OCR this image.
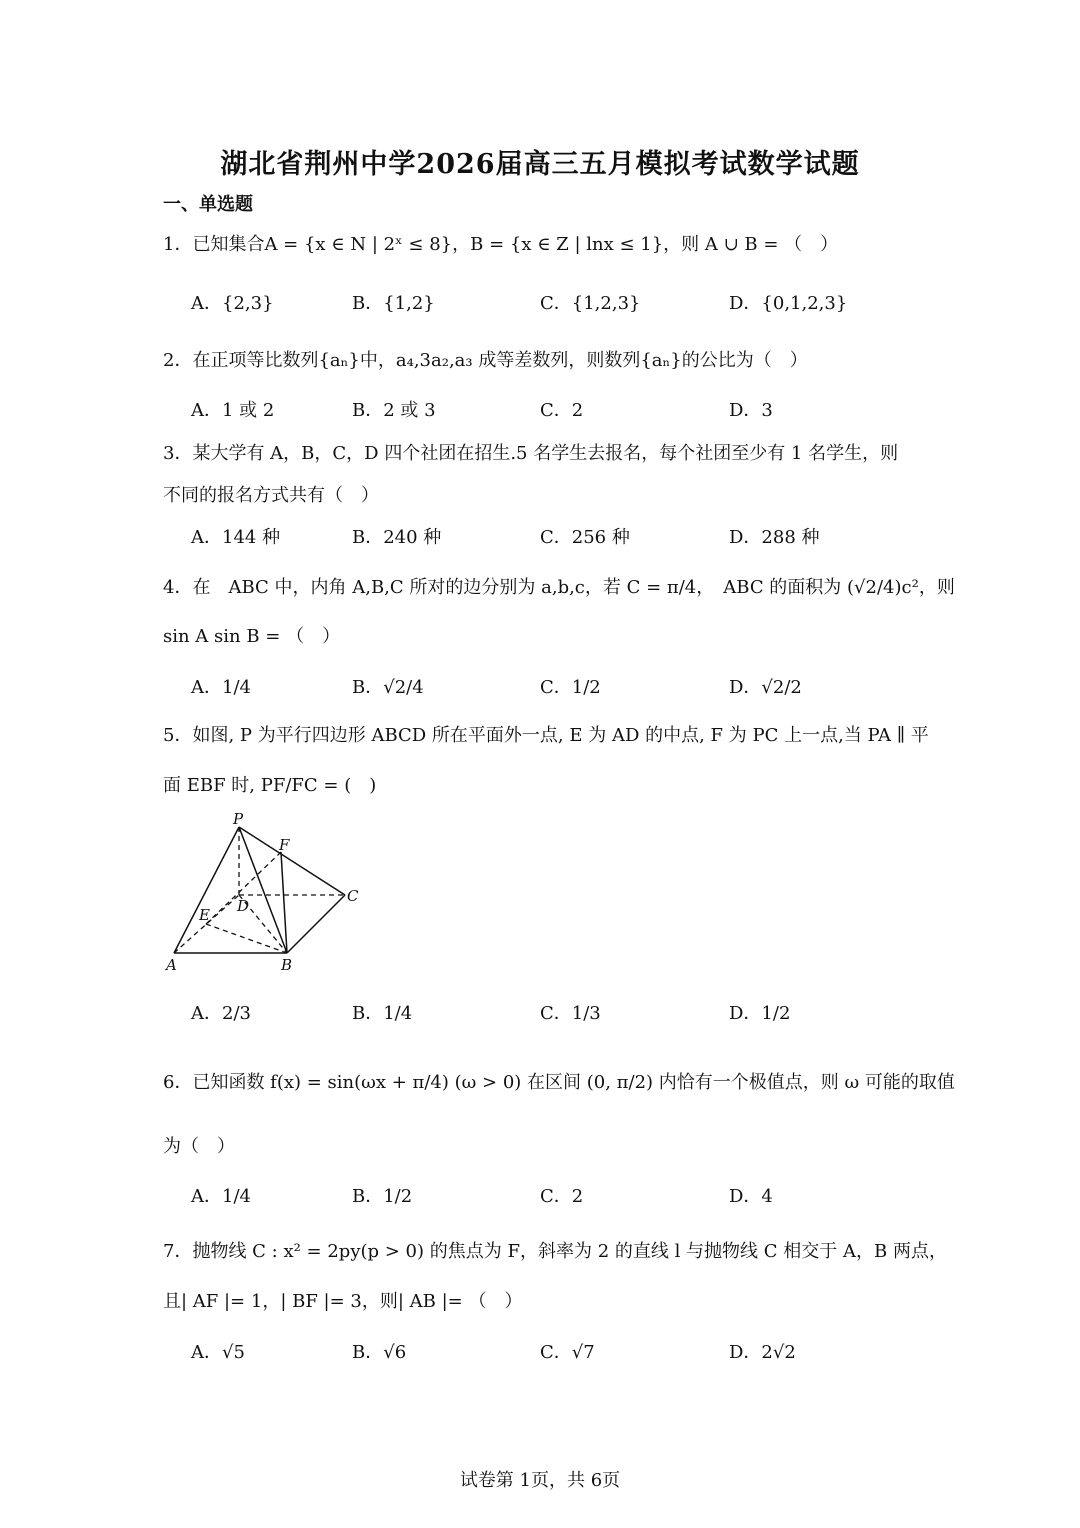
湖北省荆州中学2026届高三五月模拟考试数学试题
一、单选题
1．已知集合A = {x ∈ N | 2ˣ ≤ 8}，B = {x ∈ Z | lnx ≤ 1}，则 A ∪ B = （　）
A．{2,3}	B．{1,2}	C．{1,2,3}	D．{0,1,2,3}
2．在正项等比数列{aₙ}中，a₄,3a₂,a₃ 成等差数列，则数列{aₙ}的公比为（　）
A．1 或 2	B．2 或 3	C．2	D．3
3．某大学有 A，B，C，D 四个社团在招生.5 名学生去报名，每个社团至少有 1 名学生，则
不同的报名方式共有（　）
A．144 种	B．240 种	C．256 种	D．288 种
4．在　ABC 中，内角 A,B,C 所对的边分别为 a,b,c，若 C = π/4，　ABC 的面积为 (√2/4)c²，则
sin A sin B = （　）
A．1/4	B．√2/4	C．1/2	D．√2/2
5．如图, P 为平行四边形 ABCD 所在平面外一点, E 为 AD 的中点, F 为 PC 上一点,当 PA ∥ 平
面 EBF 时, PF/FC = (　)
P
F
C
D
E
A	B
A．2/3	B．1/4	C．1/3	D．1/2
6．已知函数 f(x) = sin(ωx + π/4) (ω > 0) 在区间 (0, π/2) 内恰有一个极值点，则 ω 可能的取值
为（　）
A．1/4	B．1/2	C．2	D．4
7．抛物线 C : x² = 2py(p > 0) 的焦点为 F，斜率为 2 的直线 l 与抛物线 C 相交于 A，B 两点，
且| AF |= 1，| BF |= 3，则| AB |= （　）
A．√5	B．√6	C．√7	D．2√2
试卷第 1页，共 6页
